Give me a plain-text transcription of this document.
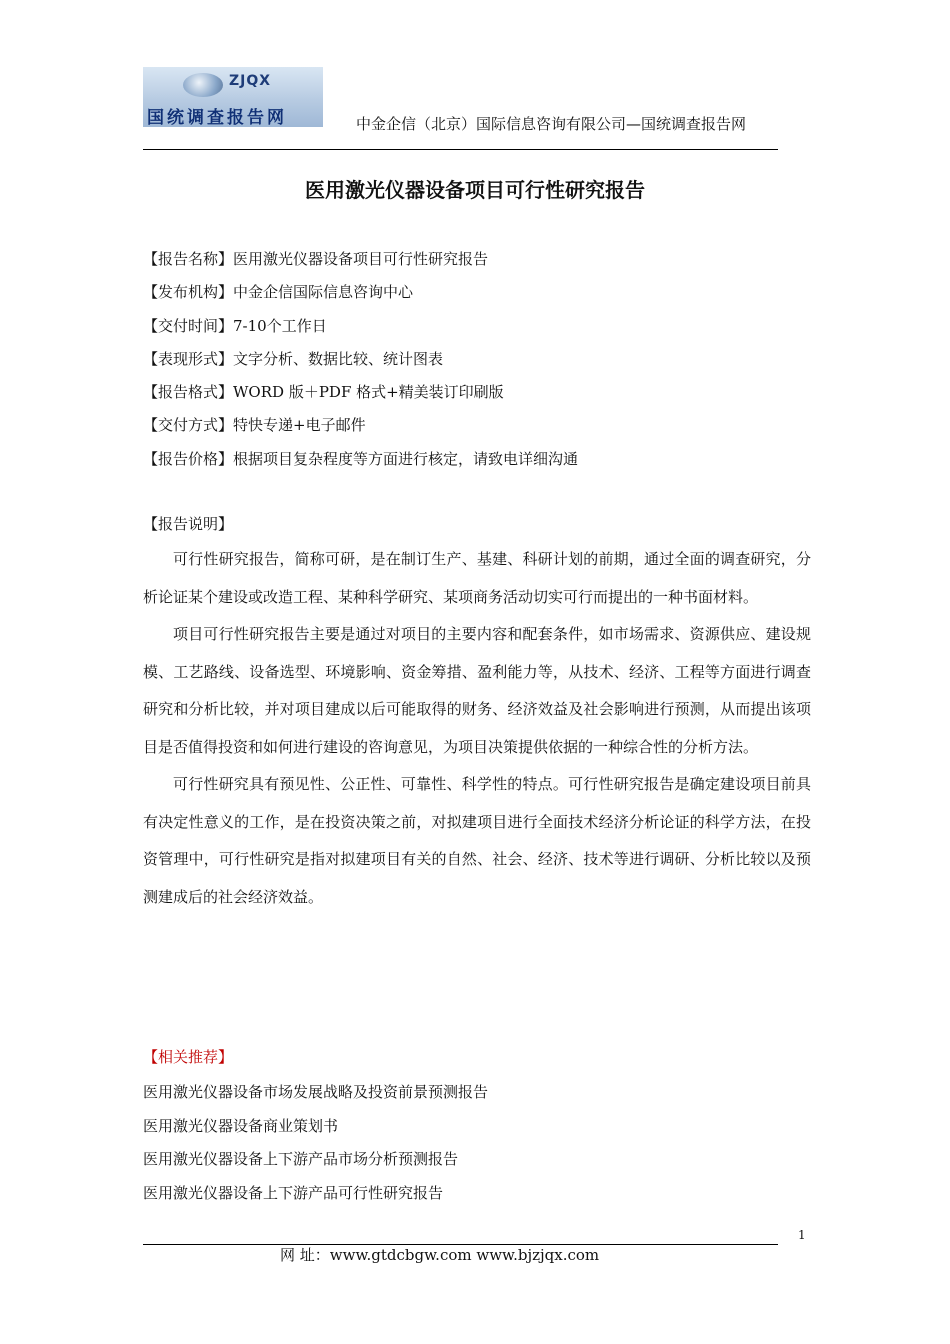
ZJQX
国统调查报告网	中金企信（北京）国际信息咨询有限公司—国统调查报告网
医用激光仪器设备项目可行性研究报告
【报告名称】医用激光仪器设备项目可行性研究报告
【发布机构】中金企信国际信息咨询中心
【交付时间】7-10个工作日
【表现形式】文字分析、数据比较、统计图表
【报告格式】WORD 版＋PDF 格式+精美装订印刷版
【交付方式】特快专递+电子邮件
【报告价格】根据项目复杂程度等方面进行核定，请致电详细沟通
【报告说明】

可行性研究报告，简称可研，是在制订生产、基建、科研计划的前期，通过全面的调查研究，分析论证某个建设或改造工程、某种科学研究、某项商务活动切实可行而提出的一种书面材料。

项目可行性研究报告主要是通过对项目的主要内容和配套条件，如市场需求、资源供应、建设规模、工艺路线、设备选型、环境影响、资金筹措、盈利能力等，从技术、经济、工程等方面进行调查研究和分析比较，并对项目建成以后可能取得的财务、经济效益及社会影响进行预测，从而提出该项目是否值得投资和如何进行建设的咨询意见，为项目决策提供依据的一种综合性的分析方法。

可行性研究具有预见性、公正性、可靠性、科学性的特点。可行性研究报告是确定建设项目前具有决定性意义的工作，是在投资决策之前，对拟建项目进行全面技术经济分析论证的科学方法，在投资管理中，可行性研究是指对拟建项目有关的自然、社会、经济、技术等进行调研、分析比较以及预测建成后的社会经济效益。

【相关推荐】
医用激光仪器设备市场发展战略及投资前景预测报告
医用激光仪器设备商业策划书
医用激光仪器设备上下游产品市场分析预测报告
医用激光仪器设备上下游产品可行性研究报告
1
网 址：www.gtdcbgw.com www.bjzjqx.com
